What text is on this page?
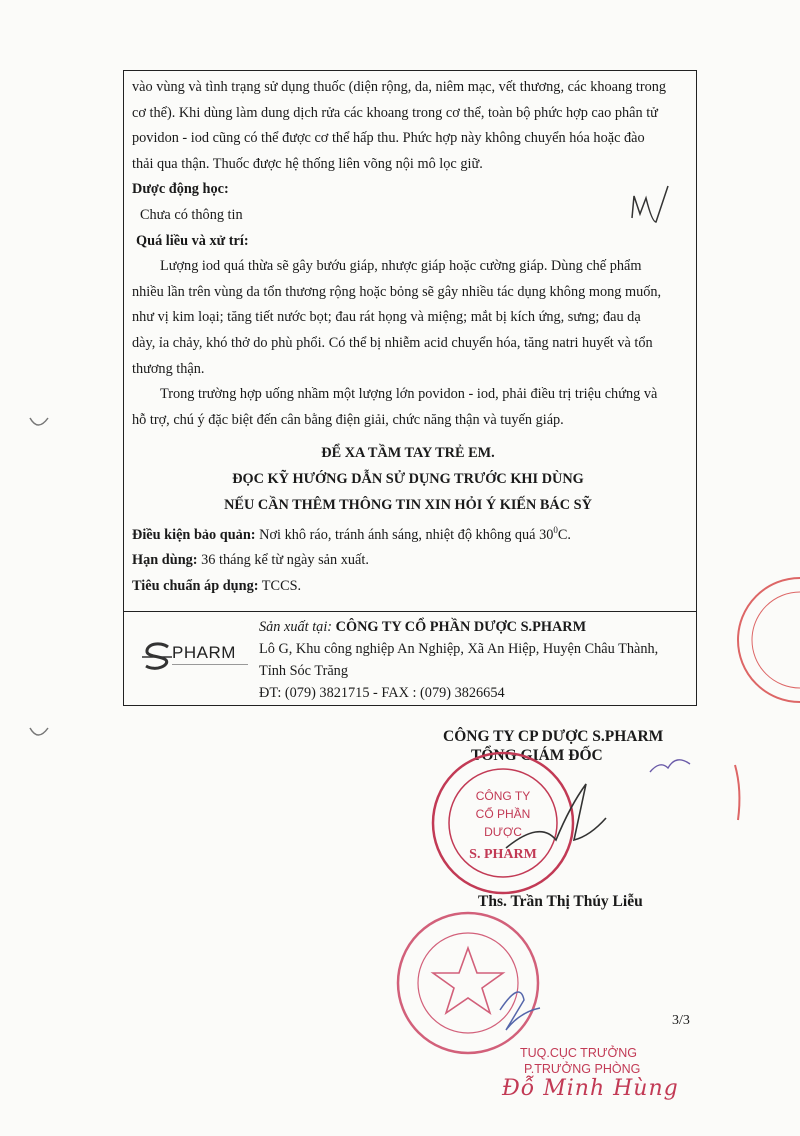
vào vùng và tình trạng sử dụng thuốc (diện rộng, da, niêm mạc, vết thương, các khoang trong

cơ thể). Khi dùng làm dung dịch rửa các khoang trong cơ thể, toàn bộ phức hợp cao phân tử

povidon - iod cũng có thể được cơ thể hấp thu. Phức hợp này không chuyển hóa hoặc đào

thải qua thận. Thuốc được hệ thống liên võng nội mô lọc giữ.

Dược động học:

Chưa có thông tin

Quá liều và xử trí:

Lượng iod quá thừa sẽ gây bướu giáp, nhược giáp hoặc cường giáp. Dùng chế phẩm

nhiều lần trên vùng da tổn thương rộng hoặc bỏng sẽ gây nhiều tác dụng không mong muốn,

như vị kim loại; tăng tiết nước bọt; đau rát họng và miệng; mắt bị kích ứng, sưng; đau dạ

dày, ỉa chảy, khó thở do phù phổi. Có thể bị nhiễm acid chuyển hóa, tăng natri huyết và tổn

thương thận.

Trong trường hợp uống nhầm một lượng lớn povidon - iod, phải điều trị triệu chứng và

hỗ trợ, chú ý đặc biệt đến cân bằng điện giải, chức năng thận và tuyến giáp.

ĐỂ XA TẦM TAY TRẺ EM.

ĐỌC KỸ HƯỚNG DẪN SỬ DỤNG TRƯỚC KHI DÙNG

NẾU CẦN THÊM THÔNG TIN XIN HỎI Ý KIẾN BÁC SỸ

Điều kiện bảo quản: Nơi khô ráo, tránh ánh sáng, nhiệt độ không quá $30^0C$.

Hạn dùng: 36 tháng kể từ ngày sản xuất.

Tiêu chuẩn áp dụng: TCCS.

PHARM

Sản xuất tại: CÔNG TY CỔ PHẦN DƯỢC S.PHARM

Lô G, Khu công nghiệp An Nghiệp, Xã An Hiệp, Huyện Châu Thành,

Tỉnh Sóc Trăng

ĐT: (079) 3821715 - FAX : (079) 3826654

CÔNG TY CP DƯỢC S.PHARM
TỔNG GIÁM ĐỐC
CÔNG TY
CỔ PHẦN
DƯỢC
S. PHARM
Ths. Trần Thị Thúy Liễu
3/3
TUQ.CỤC TRƯỞNG
P.TRƯỞNG PHÒNG
Đỗ Minh Hùng
